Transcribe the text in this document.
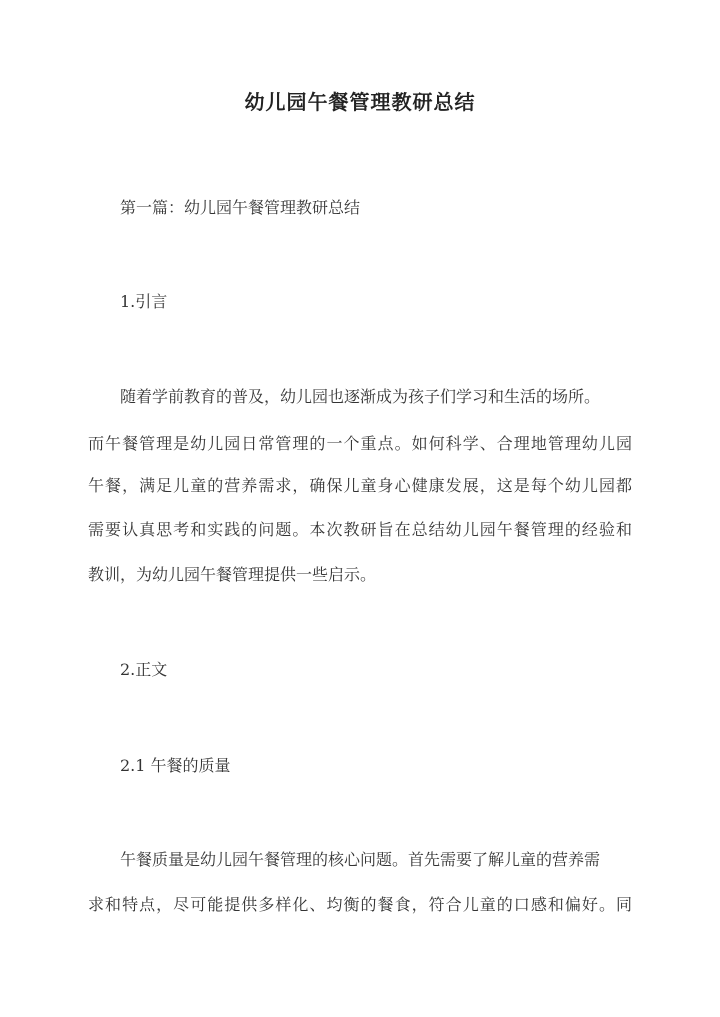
幼儿园午餐管理教研总结
第一篇：幼儿园午餐管理教研总结
1.引言
随着学前教育的普及，幼儿园也逐渐成为孩子们学习和生活的场所。
而午餐管理是幼儿园日常管理的一个重点。如何科学、合理地管理幼儿园
午餐，满足儿童的营养需求，确保儿童身心健康发展，这是每个幼儿园都
需要认真思考和实践的问题。本次教研旨在总结幼儿园午餐管理的经验和
教训，为幼儿园午餐管理提供一些启示。
2.正文
2.1 午餐的质量
午餐质量是幼儿园午餐管理的核心问题。首先需要了解儿童的营养需
求和特点，尽可能提供多样化、均衡的餐食，符合儿童的口感和偏好。同
